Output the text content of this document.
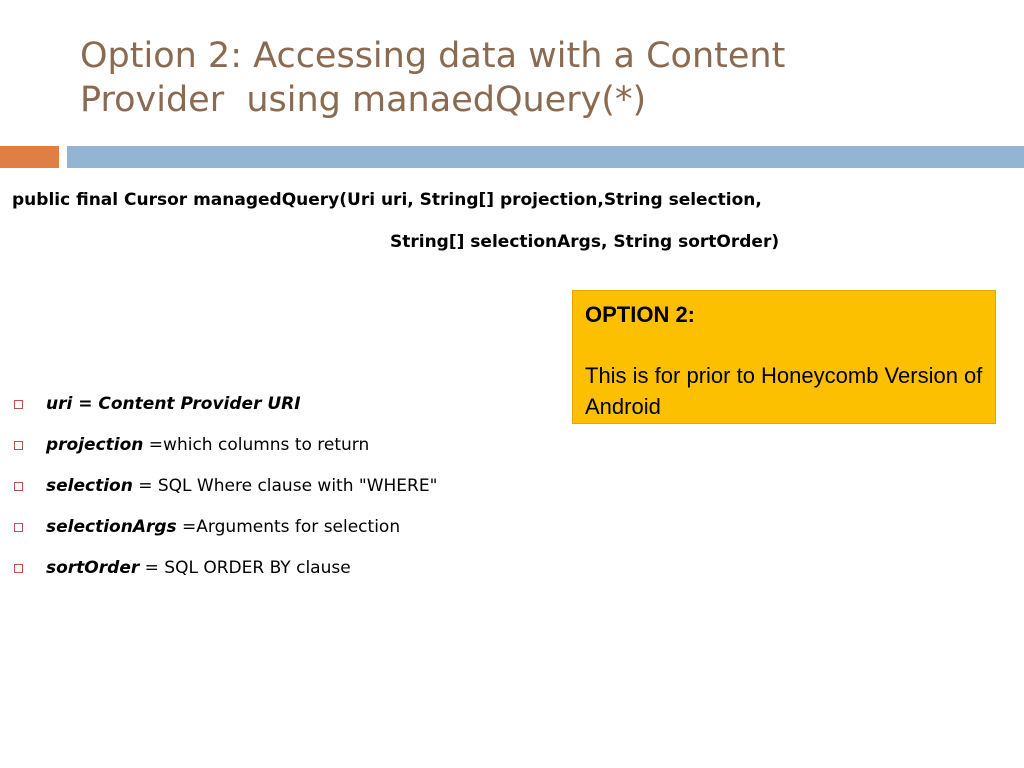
Option 2: Accessing data with a Content
Provider  using manaedQuery(*)
public final Cursor managedQuery(Uri uri, String[] projection,String selection,
String[] selectionArgs, String sortOrder)
OPTION 2:
This is for prior to Honeycomb Version of Android
uri = Content Provider URI
projection =which columns to return
selection = SQL Where clause with "WHERE"
selectionArgs =Arguments for selection
sortOrder = SQL ORDER BY clause
